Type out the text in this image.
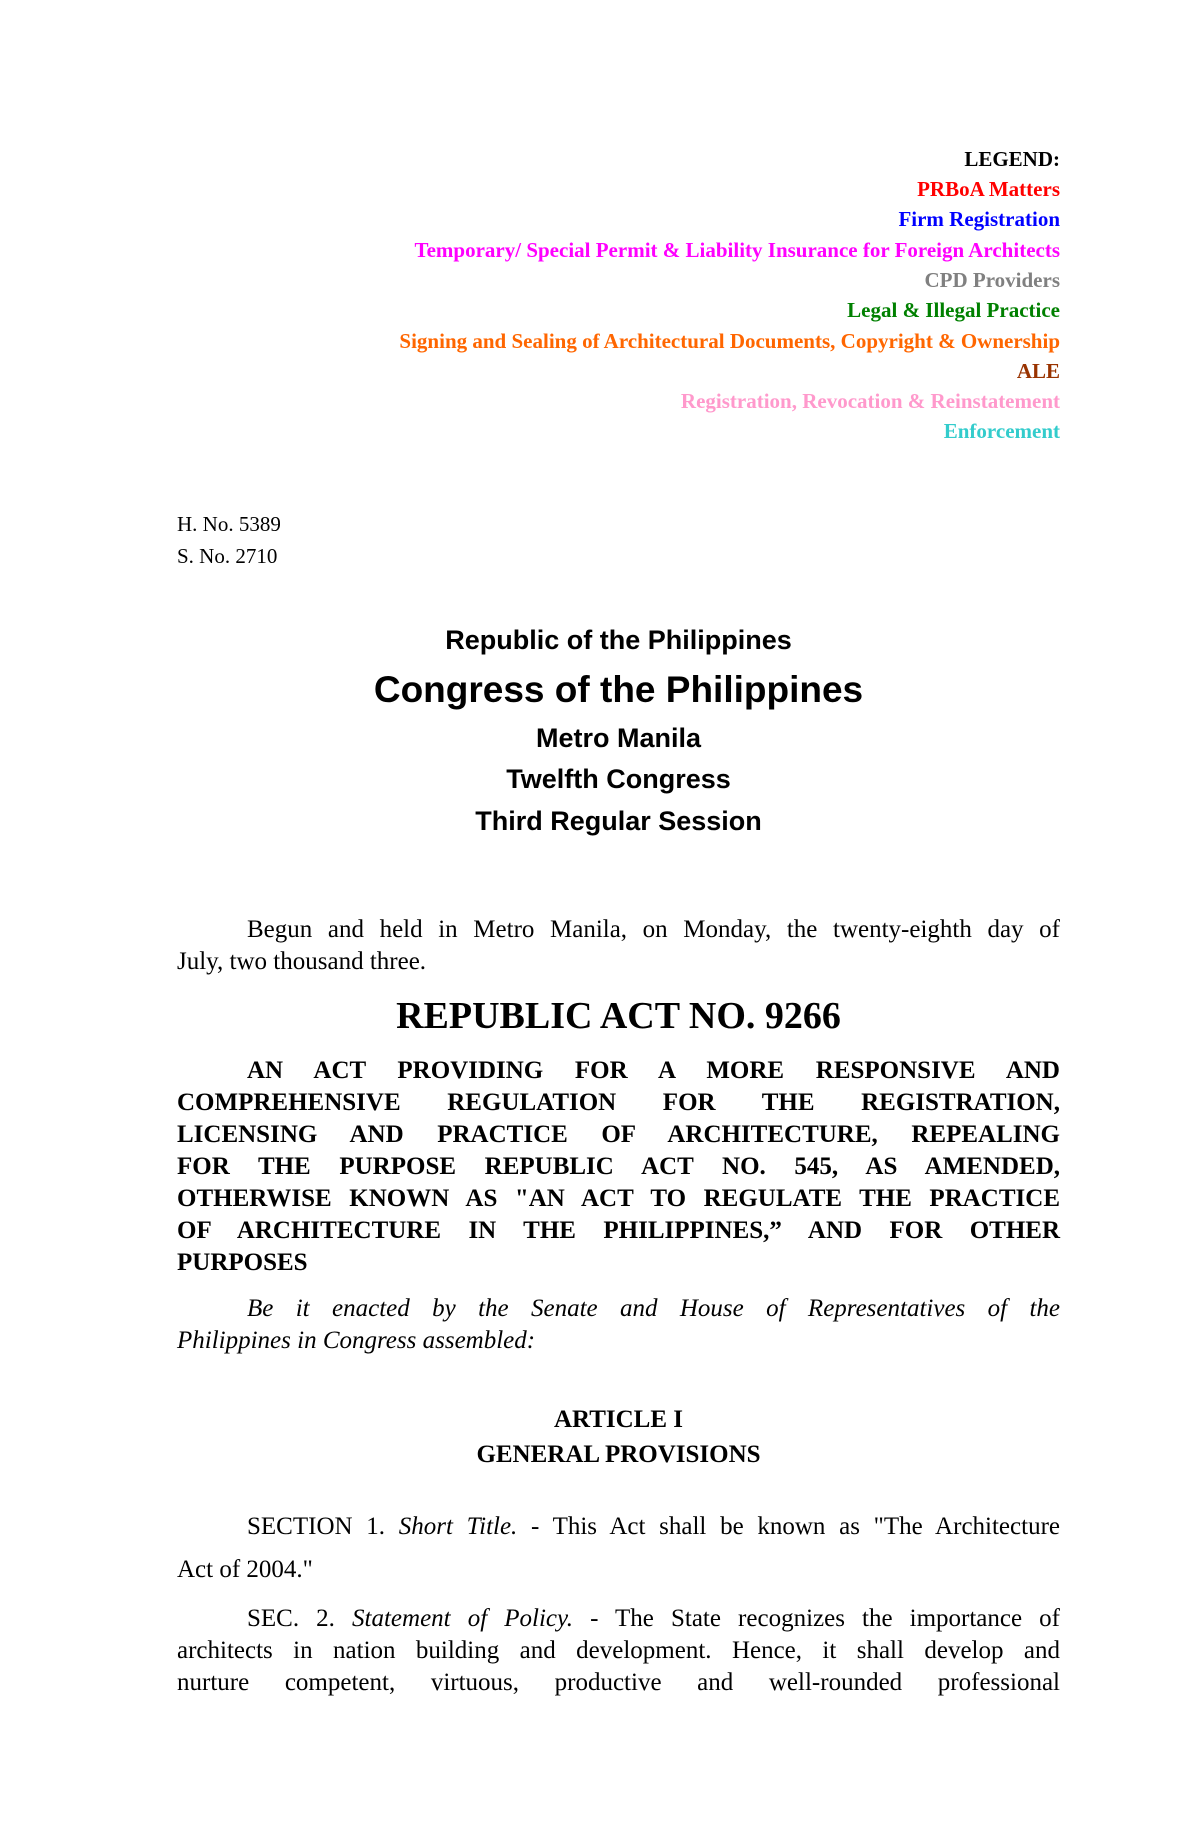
LEGEND:
PRBoA Matters
Firm Registration
Temporary/ Special Permit & Liability Insurance for Foreign Architects
CPD Providers
Legal & Illegal Practice
Signing and Sealing of Architectural Documents, Copyright & Ownership
ALE
Registration, Revocation & Reinstatement
Enforcement
H. No. 5389
S. No. 2710
Republic of the Philippines
Congress of the Philippines
Metro Manila
Twelfth Congress
Third Regular Session
Begun and held in Metro Manila, on Monday, the twenty-eighth day of
July, two thousand three.
REPUBLIC ACT NO. 9266
AN ACT PROVIDING FOR A MORE RESPONSIVE AND
COMPREHENSIVE REGULATION FOR THE REGISTRATION,
LICENSING AND PRACTICE OF ARCHITECTURE, REPEALING
FOR THE PURPOSE REPUBLIC ACT NO. 545, AS AMENDED,
OTHERWISE KNOWN AS "AN ACT TO REGULATE THE PRACTICE
OF ARCHITECTURE IN THE PHILIPPINES,” AND FOR OTHER
PURPOSES
Be it enacted by the Senate and House of Representatives of the
Philippines in Congress assembled:
ARTICLE I
GENERAL PROVISIONS
SECTION 1. Short Title. - This Act shall be known as "The Architecture
Act of 2004."
SEC. 2. Statement of Policy. - The State recognizes the importance of
architects in nation building and development. Hence, it shall develop and
nurture competent, virtuous, productive and well-rounded professional
